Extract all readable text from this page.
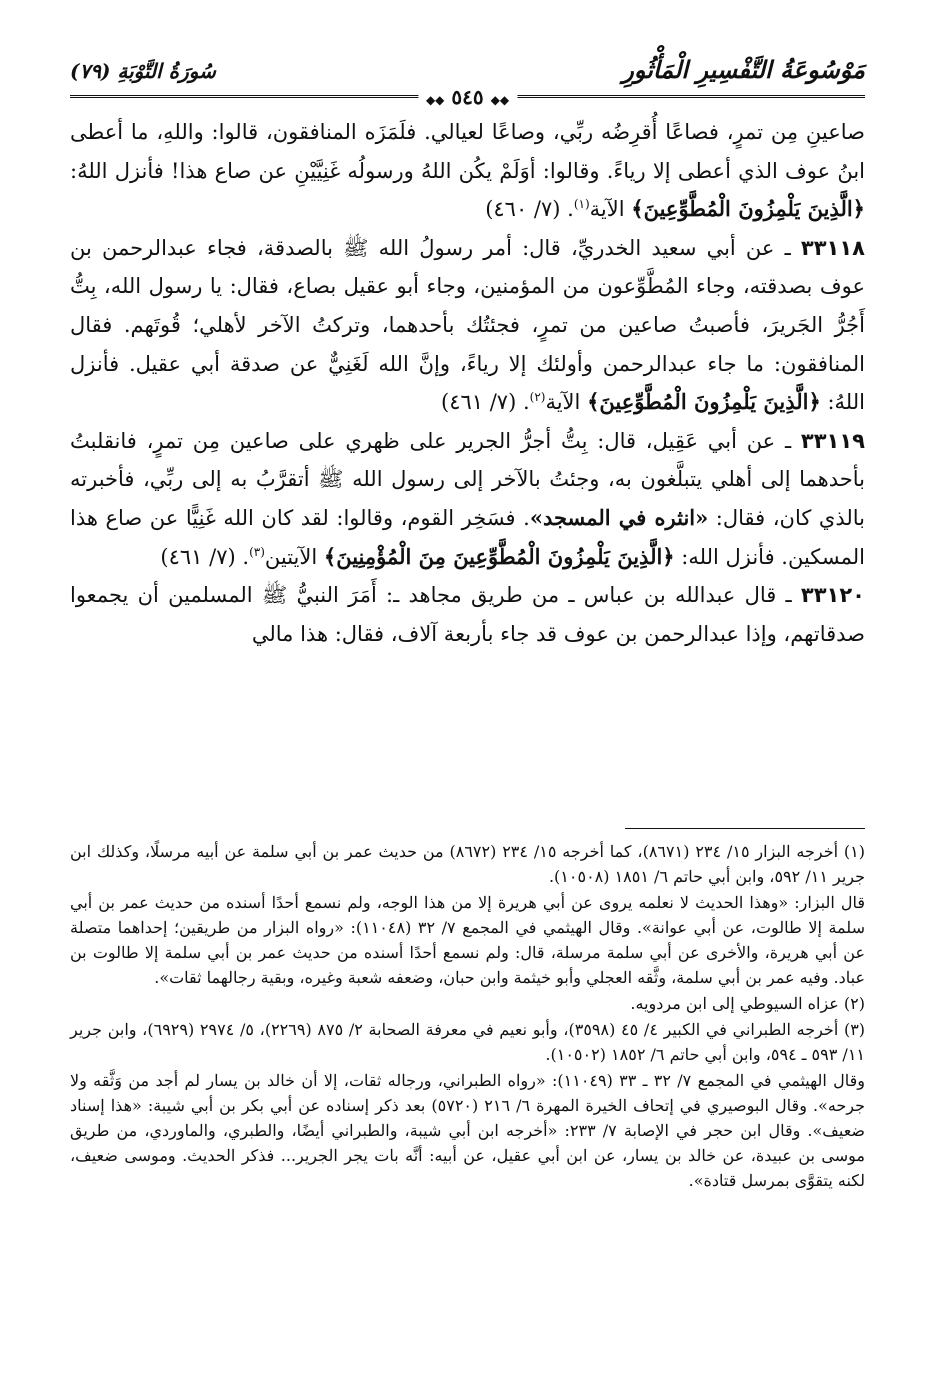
مَوْسُوعَةُ التَّفْسِيرِ الْمَأْثُورِ
◆◆ ٥٤٥ ◆◆
سُورَةُ التَّوْبَةِ (٧٩)

صاعينِ مِن تمرٍ، فصاعًا أُقرِضُه ربِّي، وصاعًا لعيالي. فلَمَزَه المنافقون، قالوا: واللهِ، ما أعطى ابنُ عوف الذي أعطى إلا رياءً. وقالوا: أوَلَمْ يكُن اللهُ ورسولُه غَنِيَّيْنِ عن صاع هذا! فأنزل اللهُ: ﴿الَّذِينَ يَلْمِزُونَ الْمُطَّوِّعِينَ﴾ الآية$^{(١)}$. (٧/ ٤٦٠)

٣٣١١٨ ـ عن أبي سعيد الخدريِّ، قال: أمر رسولُ الله ﷺ بالصدقة، فجاء عبدالرحمن بن عوف بصدقته، وجاء المُطَّوِّعون من المؤمنين، وجاء أبو عقيل بصاع، فقال: يا رسول الله، بِتُّ أَجُرُّ الجَريرَ، فأصبتُ صاعين من تمرٍ، فجئتُك بأحدهما، وتركتُ الآخر لأهلي؛ قُوتَهم. فقال المنافقون: ما جاء عبدالرحمن وأولئك إلا رياءً، وإنَّ الله لَغَنِيٌّ عن صدقة أبي عقيل. فأنزل اللهُ: ﴿الَّذِينَ يَلْمِزُونَ الْمُطَّوِّعِينَ﴾ الآية$^{(٢)}$. (٧/ ٤٦١)

٣٣١١٩ ـ عن أبي عَقِيل، قال: بِتُّ أجرُّ الجرير على ظهري على صاعين مِن تمرٍ، فانقلبتُ بأحدهما إلى أهلي يتبلَّغون به، وجئتُ بالآخر إلى رسول الله ﷺ أتقرَّبُ به إلى ربِّي، فأخبرته بالذي كان، فقال: «انثره في المسجد». فسَخِر القوم، وقالوا: لقد كان الله غَنِيًّا عن صاع هذا المسكين. فأنزل الله: ﴿الَّذِينَ يَلْمِزُونَ الْمُطَّوِّعِينَ مِنَ الْمُؤْمِنِينَ﴾ الآيتين$^{(٣)}$. (٧/ ٤٦١)

٣٣١٢٠ ـ قال عبدالله بن عباس ـ من طريق مجاهد ـ: أَمَرَ النبيُّ ﷺ المسلمين أن يجمعوا صدقاتهم، وإذا عبدالرحمن بن عوف قد جاء بأربعة آلاف، فقال: هذا مالي

(١) أخرجه البزار ١٥/ ٢٣٤ (٨٦٧١)، كما أخرجه ١٥/ ٢٣٤ (٨٦٧٢) من حديث عمر بن أبي سلمة عن أبيه مرسلًا، وكذلك ابن جرير ١١/ ٥٩٢، وابن أبي حاتم ٦/ ١٨٥١ (١٠٥٠٨).

قال البزار: «وهذا الحديث لا نعلمه يروى عن أبي هريرة إلا من هذا الوجه، ولم نسمع أحدًا أسنده من حديث عمر بن أبي سلمة إلا طالوت، عن أبي عوانة». وقال الهيثمي في المجمع ٧/ ٣٢ (١١٠٤٨): «رواه البزار من طريقين؛ إحداهما متصلة عن أبي هريرة، والأخرى عن أبي سلمة مرسلة، قال: ولم نسمع أحدًا أسنده من حديث عمر بن أبي سلمة إلا طالوت بن عباد. وفيه عمر بن أبي سلمة، وثَّقه العجلي وأبو خيثمة وابن حبان، وضعفه شعبة وغيره، وبقية رجالهما ثقات».

(٢) عزاه السيوطي إلى ابن مردويه.

(٣) أخرجه الطبراني في الكبير ٤/ ٤٥ (٣٥٩٨)، وأبو نعيم في معرفة الصحابة ٢/ ٨٧٥ (٢٢٦٩)، ٥/ ٢٩٧٤ (٦٩٢٩)، وابن جرير ١١/ ٥٩٣ ـ ٥٩٤، وابن أبي حاتم ٦/ ١٨٥٢ (١٠٥٠٢).

وقال الهيثمي في المجمع ٧/ ٣٢ ـ ٣٣ (١١٠٤٩): «رواه الطبراني، ورجاله ثقات، إلا أن خالد بن يسار لم أجد من وَثَّقه ولا جرحه». وقال البوصيري في إتحاف الخيرة المهرة ٦/ ٢١٦ (٥٧٢٠) بعد ذكر إسناده عن أبي بكر بن أبي شيبة: «هذا إسناد ضعيف». وقال ابن حجر في الإصابة ٧/ ٢٣٣: «أخرجه ابن أبي شيبة، والطبراني أيضًا، والطبري، والماوردي، من طريق موسى بن عبيدة، عن خالد بن يسار، عن ابن أبي عقيل، عن أبيه: أنَّه بات يجر الجرير... فذكر الحديث. وموسى ضعيف، لكنه يتقوَّى بمرسل قتادة».
